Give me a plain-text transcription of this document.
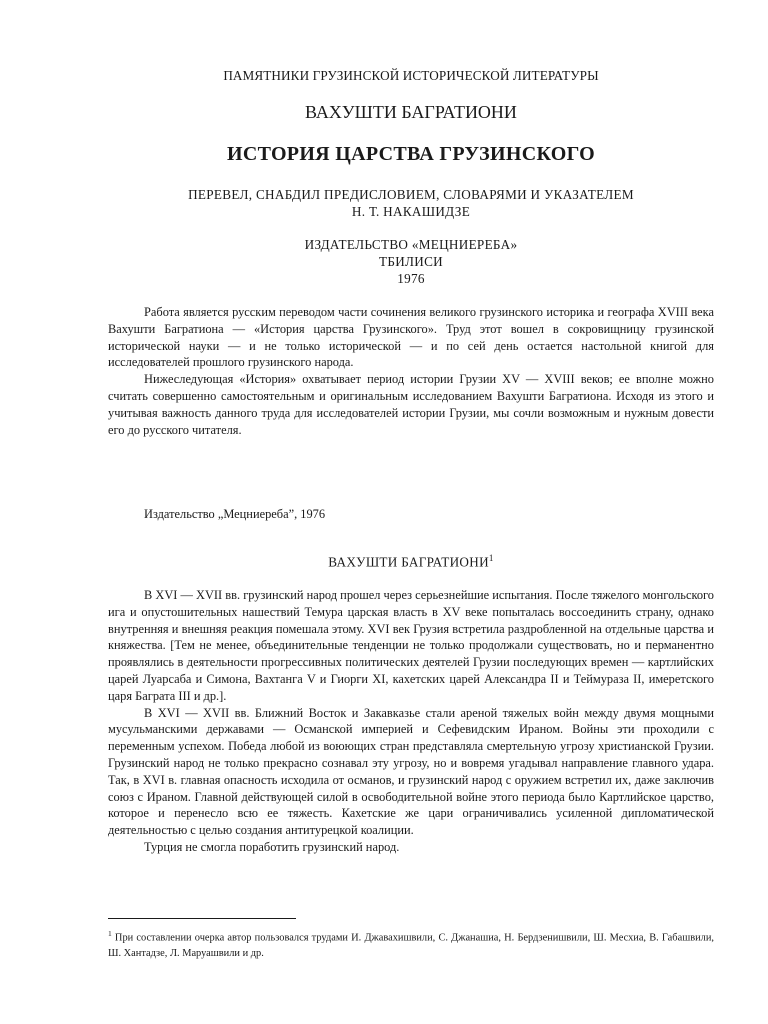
ПАМЯТНИКИ ГРУЗИНСКОЙ ИСТОРИЧЕСКОЙ ЛИТЕРАТУРЫ
ВАХУШТИ БАГРАТИОНИ
ИСТОРИЯ ЦАРСТВА ГРУЗИНСКОГО
ПЕРЕВЕЛ, СНАБДИЛ ПРЕДИСЛОВИЕМ, СЛОВАРЯМИ И УКАЗАТЕЛЕМ
Н. Т. НАКАШИДЗЕ
ИЗДАТЕЛЬСТВО «МЕЦНИЕРЕБА»
ТБИЛИСИ
1976

Работа является русским переводом части сочинения великого грузинского историка и географа XVIII века Вахушти Багратиона — «История царства Грузинского». Труд этот вошел в сокровищницу грузинской исторической науки — и не только исторической — и по сей день остается настольной книгой для исследователей прошлого грузинского народа.

Нижеследующая «История» охватывает период истории Грузии XV — XVIII веков; ее вполне можно считать совершенно самостоятельным и оригинальным исследованием Вахушти Багратиона. Исходя из этого и учитывая важность данного труда для исследователей истории Грузии, мы сочли возможным и нужным довести его до русского читателя.

Издательство „Мецниереба”, 1976
ВАХУШТИ БАГРАТИОНИ$^1$

В XVI — XVII вв. грузинский народ прошел через серьезнейшие испытания. После тяжелого монгольского ига и опустошительных нашествий Темура царская власть в XV веке попыталась воссоединить страну, однако внутренняя и внешняя реакция помешала этому. XVI век Грузия встретила раздробленной на отдельные царства и княжества. [Тем не менее, объединительные тенденции не только продолжали существовать, но и перманентно проявлялись в деятельности прогрессивных политических деятелей Грузии последующих времен — картлийских царей Луарсаба и Симона, Вахтанга V и Гиорги XI, кахетских царей Александра II и Теймураза II, имеретского царя Баграта III и др.].

В XVI — XVII вв. Ближний Восток и Закавказье стали ареной тяжелых войн между двумя мощными мусульманскими державами — Османской империей и Сефевидским Ираном. Войны эти проходили с переменным успехом. Победа любой из воюющих стран представляла смертельную угрозу христианской Грузии. Грузинский народ не только прекрасно сознавал эту угрозу, но и вовремя угадывал направление главного удара. Так, в XVI в. главная опасность исходила от османов, и грузинский народ с оружием встретил их, даже заключив союз с Ираном. Главной действующей силой в освободительной войне этого периода было Картлийское царство, которое и перенесло всю ее тяжесть. Кахетские же цари ограничивались усиленной дипломатической деятельностью с целью создания антитурецкой коалиции.

Турция не смогла поработить грузинский народ.

$^1$ При составлении очерка автор пользовался трудами И. Джавахишвили, С. Джанашиа, Н. Бердзенишвили, Ш. Месхиа, В. Габашвили, Ш. Хантадзе, Л. Маруашвили и др.
